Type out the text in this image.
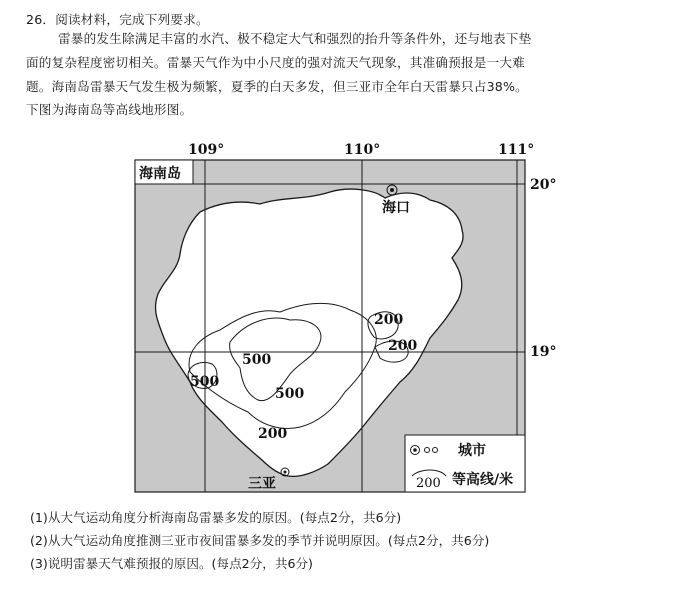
26．阅读材料，完成下列要求。
雷暴的发生除满足丰富的水汽、极不稳定大气和强烈的抬升等条件外，还与地表下垫
面的复杂程度密切相关。雷暴天气作为中小尺度的强对流天气现象，其准确预报是一大难
题。海南岛雷暴天气发生极为频繁，夏季的白天多发，但三亚市全年白天雷暴只占38%。
下图为海南岛等高线地形图。
109°	110°	111°
20°
19°
海南岛
海口
三亚
200
200
500
500
500
200
城市
200 等高线/米
(1)从大气运动角度分析海南岛雷暴多发的原因。(每点2分，共6分)
(2)从大气运动角度推测三亚市夜间雷暴多发的季节并说明原因。(每点2分，共6分)
(3)说明雷暴天气难预报的原因。(每点2分，共6分)
